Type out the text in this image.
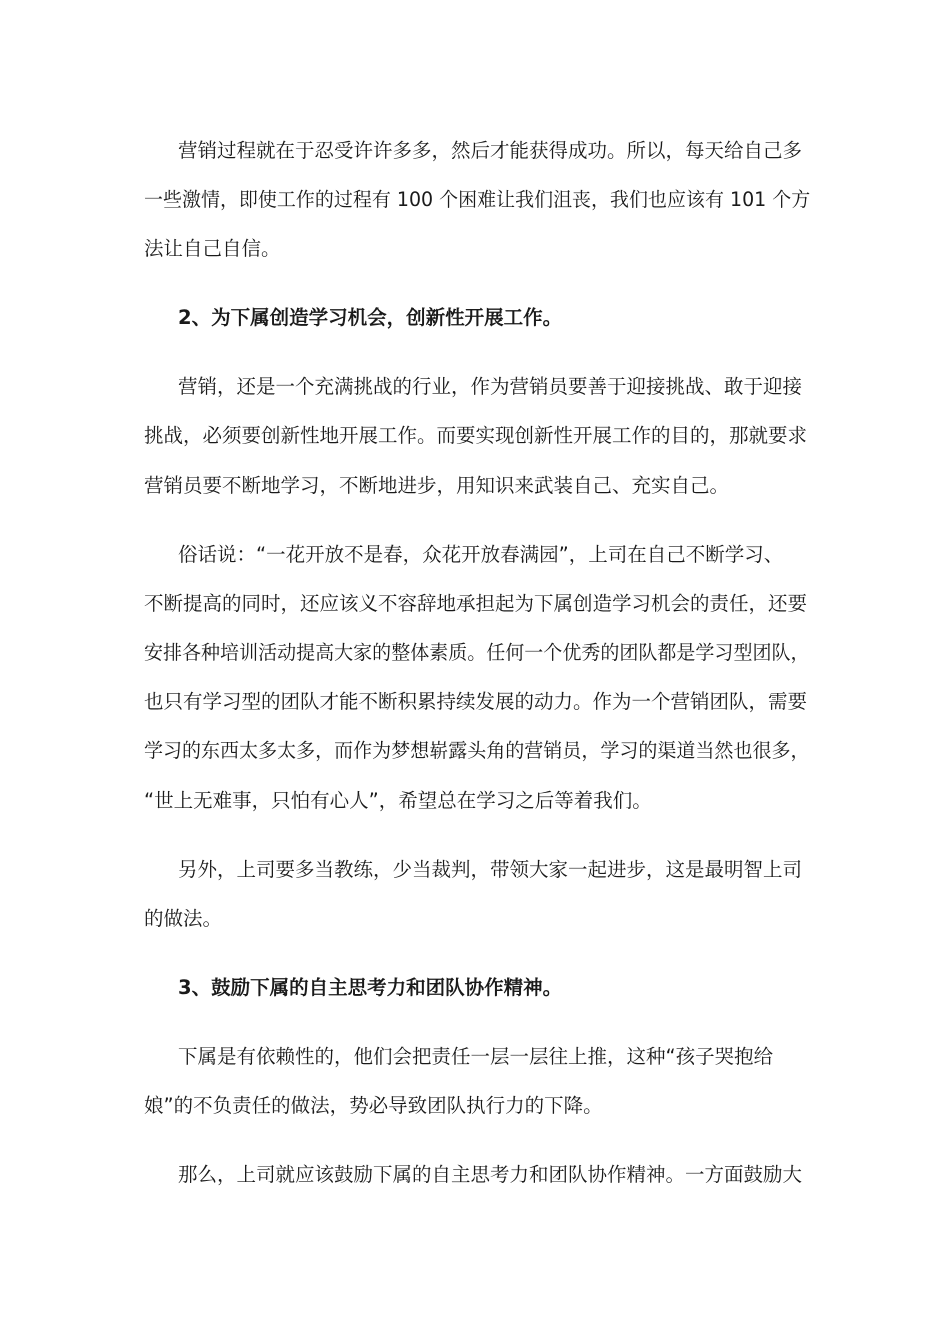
营销过程就在于忍受许许多多，然后才能获得成功。所以，每天给自己多
一些激情，即使工作的过程有 100 个困难让我们沮丧，我们也应该有 101 个方
法让自己自信。
2、为下属创造学习机会，创新性开展工作。
营销，还是一个充满挑战的行业，作为营销员要善于迎接挑战、敢于迎接
挑战，必须要创新性地开展工作。而要实现创新性开展工作的目的，那就要求
营销员要不断地学习，不断地进步，用知识来武装自己、充实自己。
俗话说：“一花开放不是春，众花开放春满园”，上司在自己不断学习、
不断提高的同时，还应该义不容辞地承担起为下属创造学习机会的责任，还要
安排各种培训活动提高大家的整体素质。任何一个优秀的团队都是学习型团队，
也只有学习型的团队才能不断积累持续发展的动力。作为一个营销团队，需要
学习的东西太多太多，而作为梦想崭露头角的营销员，学习的渠道当然也很多，
“世上无难事，只怕有心人”，希望总在学习之后等着我们。
另外，上司要多当教练，少当裁判，带领大家一起进步，这是最明智上司
的做法。
3、鼓励下属的自主思考力和团队协作精神。
下属是有依赖性的，他们会把责任一层一层往上推，这种“孩子哭抱给
娘”的不负责任的做法，势必导致团队执行力的下降。
那么，上司就应该鼓励下属的自主思考力和团队协作精神。一方面鼓励大
